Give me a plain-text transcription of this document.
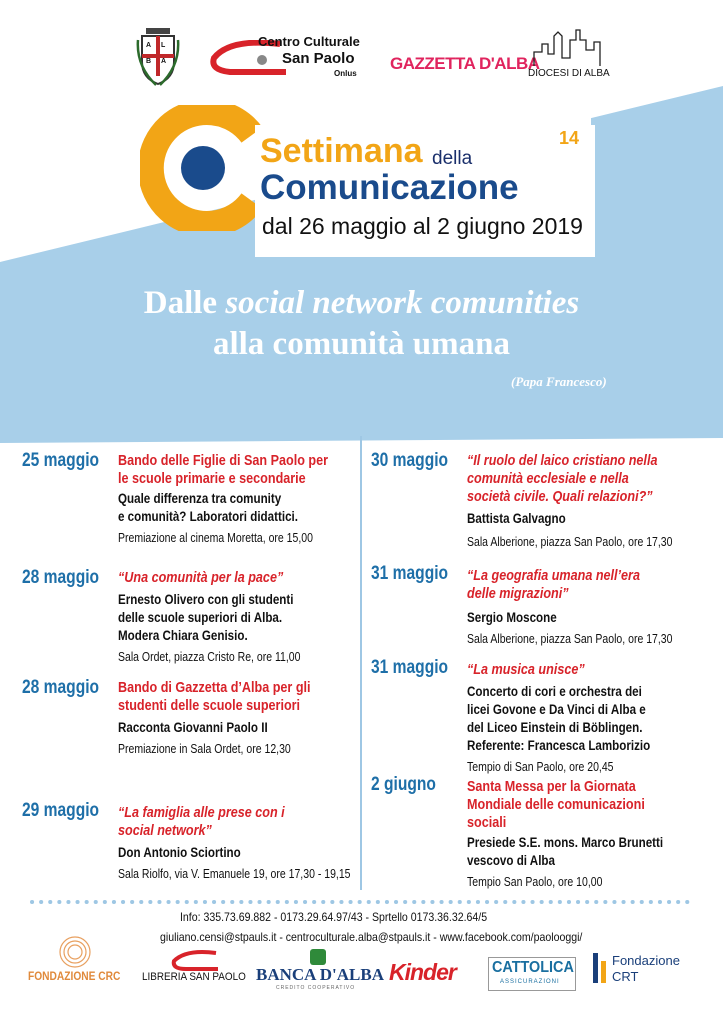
A L
B A
Centro Culturale
San Paolo
Onlus
GAZZETTA D'ALBA
DIOCESI DI ALBA
Settimana della
Comunicazione
dal 26 maggio al 2 giugno 2019
14
Dalle social network comunities
alla comunità umana
(Papa Francesco)
25 maggio Bando delle Figlie di San Paolo per
le scuole primarie e secondarie
Quale differenza tra comunity
e comunità? Laboratori didattici.
Premiazione al cinema Moretta, ore 15,00
28 maggio “Una comunità per la pace”
Ernesto Olivero con gli studenti
delle scuole superiori di Alba.
Modera Chiara Genisio.
Sala Ordet, piazza Cristo Re, ore 11,00
28 maggio Bando di Gazzetta d’Alba per gli
studenti delle scuole superiori
Racconta Giovanni Paolo II
Premiazione in Sala Ordet, ore 12,30
29 maggio “La famiglia alle prese con i
social network”
Don Antonio Sciortino
Sala Riolfo, via V. Emanuele 19, ore 17,30 - 19,15
30 maggio “Il ruolo del laico cristiano nella
comunità ecclesiale e nella
società civile. Quali relazioni?”
Battista Galvagno
Sala Alberione, piazza San Paolo, ore 17,30
31 maggio “La geografia umana nell’era
delle migrazioni”
Sergio Moscone
Sala Alberione, piazza San Paolo, ore 17,30
31 maggio “La musica unisce”
Concerto di cori e orchestra dei
licei Govone e Da Vinci di Alba e
del Liceo Einstein di Böblingen.
Referente: Francesca Lamborizio
Tempio di San Paolo, ore 20,45
2 giugno Santa Messa per la Giornata
Mondiale delle comunicazioni
sociali
Presiede S.E. mons. Marco Brunetti
vescovo di Alba
Tempio San Paolo, ore 10,00
Info: 335.73.69.882 - 0173.29.64.97/43 - Sprtello 0173.36.32.64/5
giuliano.censi@stpauls.it - centroculturale.alba@stpauls.it - www.facebook.com/paolooggi/
FONDAZIONE CRC LIBRERIA SAN PAOLO BANCA D'ALBA
CREDITO COOPERATIVO
Kinder CATTOLICA
ASSICURAZIONI
Fondazione
CRT
